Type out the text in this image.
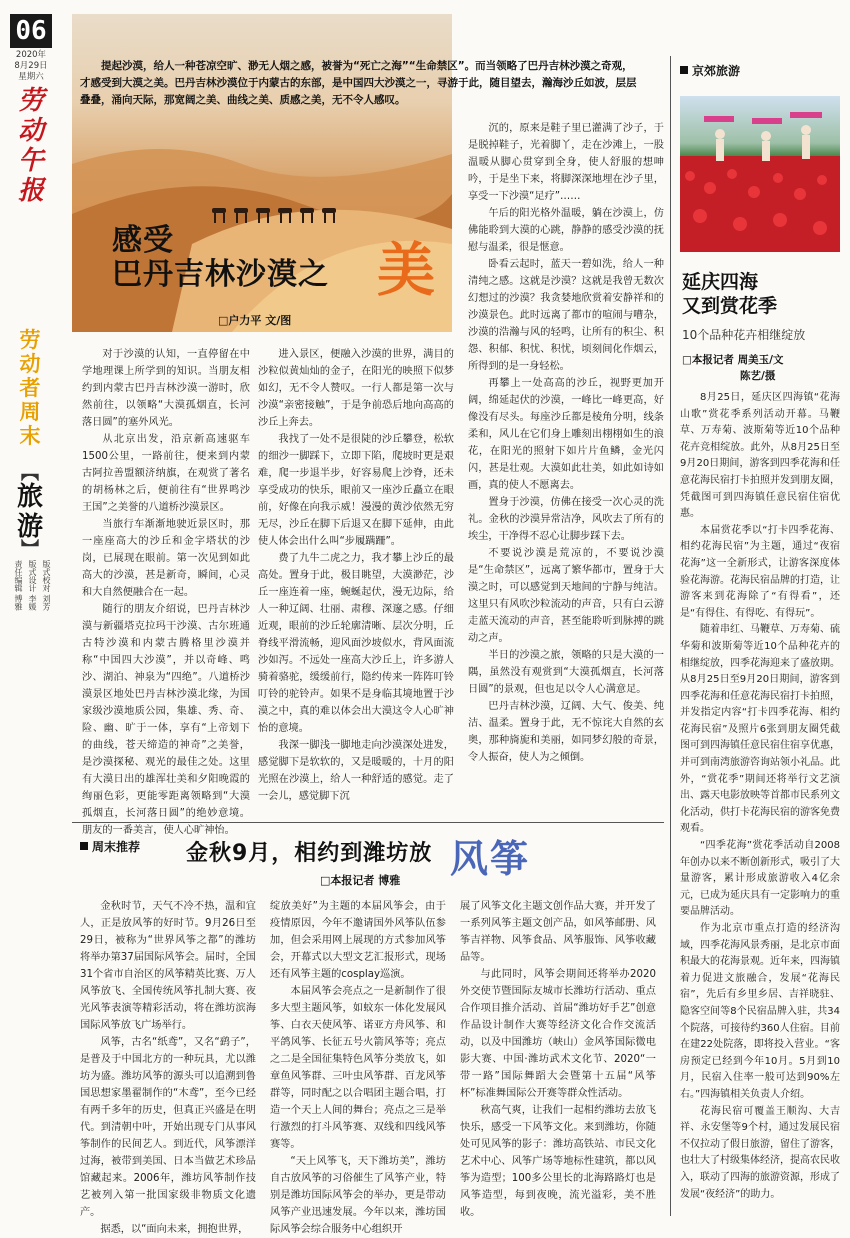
06
2020年
8月29日
星期六
劳动午报
劳动者周末
︻
旅游
︼
责任编辑 博雅 版式设计 李媛 版式校对 刘芳
提起沙漠，给人一种苍凉空旷、渺无人烟之感，被誉为“死亡之海”“生命禁区”。而当领略了巴丹吉林沙漠之奇观，才感受到大漠之美。巴丹吉林沙漠位于内蒙古的东部，是中国四大沙漠之一，寻游于此，随目望去，瀚海沙丘如波，层层叠叠，涌向天际，那宽阔之美、曲线之美、质感之美，无不令人感叹。
感受
巴丹吉林沙漠之 美
□户力平 文/图

对于沙漠的认知，一直停留在中学地理课上所学到的知识。当朋友相约到内蒙古巴丹吉林沙漠一游时，欣然前往，以领略“大漠孤烟直，长河落日圆”的塞外风光。

从北京出发，沿京新高速驱车1500公里，一路前往，便来到内蒙古阿拉善盟额济纳旗，在观赏了著名的胡杨林之后，便前往有“世界鸣沙王国”之美誉的八道桥沙漠景区。

当旅行车渐渐地驶近景区时，那一座座高大的沙丘和金字塔状的沙岗，已展现在眼前。第一次见到如此高大的沙漠，甚是新奇，瞬间，心灵和大自然便融合在一起。

随行的朋友介绍说，巴丹吉林沙漠与新疆塔克拉玛干沙漠、古尔班通古特沙漠和内蒙古腾格里沙漠并称“中国四大沙漠”，并以奇峰、鸣沙、湖泊、神泉为“四绝”。八道桥沙漠景区地处巴丹吉林沙漠北缘，为国家级沙漠地质公园，集雄、秀、奇、险、幽、旷于一体，享有“上帝划下的曲线，苍天缔造的神奇”之美誉，是沙漠探秘、观光的最佳之处。这里有大漠日出的雄浑壮美和夕阳晚霞的绚丽色彩，更能零距离领略到“大漠孤烟直，长河落日圆”的绝妙意境。朋友的一番美言，使人心旷神怡。

进入景区，便融入沙漠的世界，满目的沙粒似黄灿灿的金子，在阳光的映照下似梦如幻，无不令人赞叹。一行人都是第一次与沙漠“亲密接触”，于是争前恐后地向高高的沙丘上奔去。

我找了一处不是很陡的沙丘攀登，松软的细沙一脚踩下，立即下陷，爬坡时更是艰难，爬一步退半步，好容易爬上沙脊，还未享受成功的快乐，眼前又一座沙丘矗立在眼前，好像在向我示威！漫漫的黄沙依然无穷无尽，沙丘在脚下后退又在脚下延伸，由此使人体会出什么叫“步履蹒跚”。

费了九牛二虎之力，我才攀上沙丘的最高处。置身于此，极目眺望，大漠渺茫，沙丘一座连着一座，蜿蜒起伏，漫无边际，给人一种辽阔、壮丽、肃穆、深邃之感。仔细近观，眼前的沙丘轮廓清晰、层次分明，丘脊线平滑流畅，迎风面沙坡似水，背风面流沙如泻。不远处一座高大沙丘上，许多游人骑着骆驼，缓缓前行，隐约传来一阵阵叮铃叮铃的驼铃声。如果不是身临其境地置于沙漠之中，真的难以体会出大漠这令人心旷神怡的意境。

我深一脚浅一脚地走向沙漠深处进发，感觉脚下是软软的，又是暖暖的，十月的阳光照在沙漠上，给人一种舒适的感觉。走了一会儿，感觉脚下沉

沉的，原来是鞋子里已灌满了沙子，于是脱掉鞋子，光着脚丫，走在沙滩上，一股温暖从脚心贯穿到全身，使人舒服的想呻吟，于是坐下来，将脚深深地埋在沙子里，享受一下沙漠“足疗”……

午后的阳光格外温暖，躺在沙漠上，仿佛能聆到大漠的心跳，静静的感受沙漠的抚慰与温柔，很是惬意。

卧看云起时，蓝天一碧如洗，给人一种清纯之感。这就是沙漠？这就是我曾无数次幻想过的沙漠？我贪婪地欣赏着安静祥和的沙漠景色。此时远离了都市的喧闹与嘈杂，沙漠的浩瀚与风的轻鸣，让所有的积尘、积怨、积郁、积忧、积忧，顷刻间化作烟云，所得到的是一身轻松。

再攀上一处高高的沙丘，视野更加开阔，绵延起伏的沙漠，一峰比一峰更高，好像没有尽头。每座沙丘都是棱角分明，线条柔和，风儿在它们身上雕刻出栩栩如生的浪花，在阳光的照射下如片片鱼鳞，金光闪闪，甚是壮观。大漠如此壮美，如此如诗如画，真的使人不愿离去。

置身于沙漠，仿佛在接受一次心灵的洗礼。金秋的沙漠异常洁净，风吹去了所有的埃尘，干净得不忍心让脚步踩下去。

不要说沙漠是荒凉的，不要说沙漠是“生命禁区”，远离了繁华都市，置身于大漠之时，可以感觉到天地间的宁静与纯洁。这里只有风吹沙粒流动的声音，只有白云游走蓝天流动的声音，甚至能聆听到脉搏的跳动之声。

半日的沙漠之旅，领略的只是大漠的一隅，虽然没有观赏到“大漠孤烟直，长河落日圆”的景观，但也足以令人心满意足。

巴丹吉林沙漠，辽阔、大气、俊美、纯洁、温柔。置身于此，无不惊诧大自然的玄奥，那种旖旎和美丽，如同梦幻般的奇景，令人振奋，使人为之倾倒。

京郊旅游
延庆四海
又到赏花季
10个品种花卉相继绽放
□本报记者 周美玉/文
陈艺/摄

8月25日，延庆区四海镇“花海山歌”赏花季系列活动开幕。马鞭草、万寿菊、波斯菊等近10个品种花卉竞相绽放。此外，从8月25日至9月20日期间，游客到四季花海和任意花海民宿打卡拍照并发到朋友圈，凭截图可到四海镇任意民宿住宿优惠。

本届赏花季以“打卡四季花海、相约花海民宿”为主题，通过“夜宿花海”这一全新形式，让游客深度体验花海游。花海民宿品牌的打造，让游客来到花海除了“有得看”，还是“有得住、有得吃、有得玩”。

随着串红、马鞭草、万寿菊、硫华菊和波斯菊等近10个品种花卉的相继绽放，四季花海迎来了盛放期。从8月25日至9月20日期间，游客到四季花海和任意花海民宿打卡拍照，并发指定内容“打卡四季花海、相约花海民宿”及照片6张到朋友圈凭截图可到四海镇任意民宿住宿享优惠，并可到南湾旅游咨询站领小礼品。此外，“赏花季”期间还将举行文艺演出、露天电影放映等首都市民系列文化活动，供打卡花海民宿的游客免费观看。

“四季花海”赏花季活动自2008年创办以来不断创新形式，吸引了大量游客，累计形成旅游收入4亿余元，已成为延庆具有一定影响力的重要品牌活动。

作为北京市重点打造的经济沟域，四季花海风景秀丽，是北京市面积最大的花海景观。近年来，四海镇着力促进文旅融合，发展“花海民宿”，先后有乡里乡居、吉祥晓驻、隐客空间等8个民宿品牌入驻，共34个院落，可接待约360人住宿。目前在建22处院落，即将投入营业。“客房预定已经到今年10月。5月到10月，民宿入住率一般可达到90%左右。”四海镇相关负责人介绍。

花海民宿可覆盖王顺沟、大吉祥、永安堡等9个村，通过发展民宿不仅拉动了假日旅游，留住了游客，也壮大了村级集体经济，提高农民收入，联动了四海的旅游资源，形成了发展“夜经济”的助力。

周末推荐 金秋9月，相约到潍坊放 风筝
□本报记者 博雅

金秋时节，天气不冷不热，温和宜人，正是放风筝的好时节。9月26日至29日，被称为“世界风筝之都”的潍坊将举办第37届国际风筝会。届时，全国31个省市自治区的风筝精英比赛、万人风筝放飞、全国传统风筝扎制大赛、夜光风筝表演等精彩活动，将在潍坊滨海国际风筝放飞广场举行。

风筝，古名“纸鸢”，又名“鹞子”，是普及于中国北方的一种玩具，尤以潍坊为盛。潍坊风筝的源头可以追溯到鲁国思想家墨翟制作的“木鸢”，至今已经有两千多年的历史，但真正兴盛是在明代。到清朝中叶，开始出现专门从事风筝制作的民间艺人。到近代，风筝漂洋过海，被带到美国、日本当做艺术珍品馆藏起来。2006年，潍坊风筝制作技艺被列入第一批国家级非物质文化遗产。

据悉，以“面向未来，拥抱世界，

绽放美好”为主题的本届风筝会，由于疫情原因，今年不邀请国外风筝队伍参加，但会采用网上展现的方式参加风筝会，开幕式以大型文艺汇报形式，现场还有风筝主题的cosplay巡演。

本届风筝会亮点之一是新制作了很多大型主题风筝，如蚊东一体化发展风筝、白衣天使风筝、诺亚方舟风筝、和平鸽风筝、长征五号火箭风筝等；亮点之二是全国征集特色风筝分类放飞，如章鱼风筝群、三叶虫风筝群、百龙风筝群等，同时配之以合唱团主题合唱，打造一个天上人间的舞台；亮点之三是举行激烈的打斗风筝赛、双线和四线风筝赛等。

“天上风筝飞，天下潍坊美”，潍坊自古放风筝的习俗催生了风筝产业，特别是潍坊国际风筝会的举办，更是带动风筝产业迅速发展。今年以来，潍坊国际风筝会综合服务中心组织开

展了风筝文化主题文创作品大赛，并开发了一系列风筝主题文创产品，如风筝邮册、风筝吉祥物、风筝食品、风筝服饰、风筝收藏品等。

与此同时，风筝会期间还将举办2020外交使节暨国际友城市长潍坊行活动、重点合作项目推介活动、首届“潍坊好手艺”创意作品设计制作大赛等经济文化合作交流活动，以及中国潍坊（峡山）金风筝国际微电影大赛、中国·潍坊武术文化节、2020“一带一路”国际舞蹈大会暨第十五届“风筝杯”标准舞国际公开赛等群众性活动。

秋高气爽，让我们一起相约潍坊去放飞快乐，感受一下风筝文化。来到潍坊，你随处可见风筝的影子：潍坊高铁站、市民文化艺术中心、风筝广场等地标性建筑，都以风筝为造型；100多公里长的北海路路灯也是风筝造型，每到夜晚，流光溢彩，美不胜收。
